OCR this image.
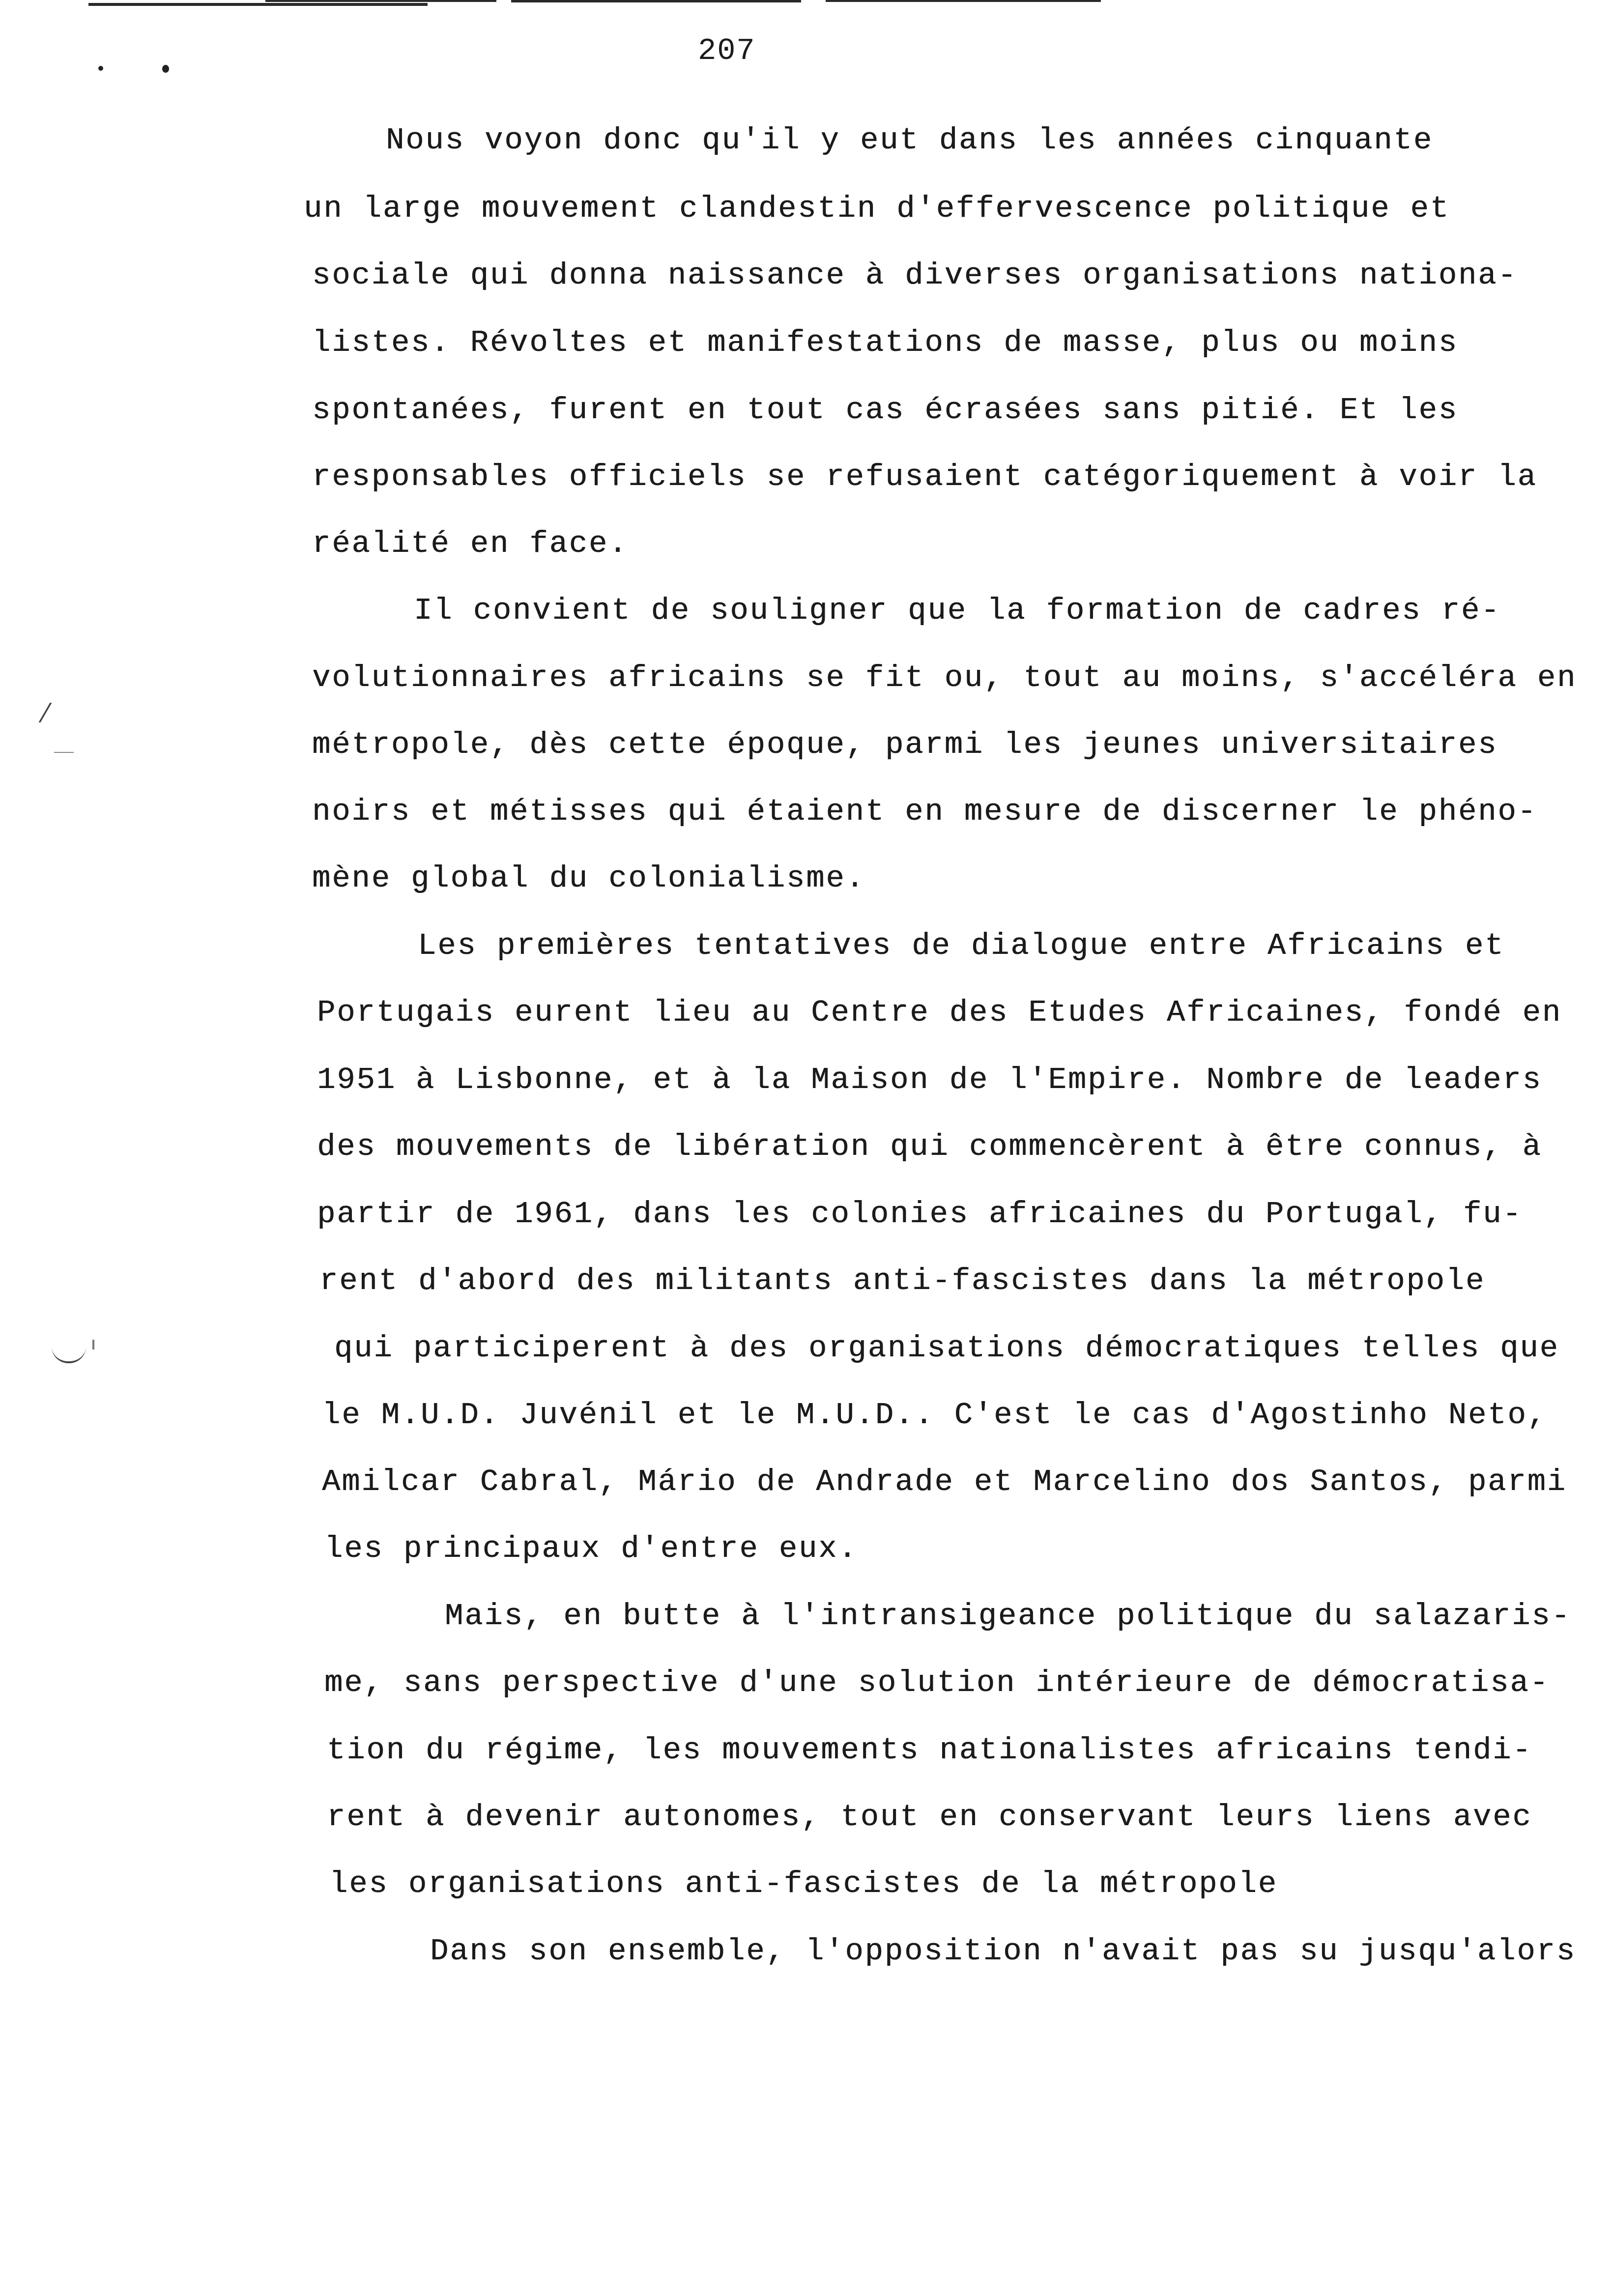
207
Nous voyon donc qu'il y eut dans les années cinquante
un large mouvement clandestin d'effervescence politique et
sociale qui donna naissance à diverses organisations nationa-
listes. Révoltes et manifestations de masse, plus ou moins
spontanées, furent en tout cas écrasées sans pitié. Et les
responsables officiels se refusaient catégoriquement à voir la
réalité en face.
Il convient de souligner que la formation de cadres ré-
volutionnaires africains se fit ou, tout au moins, s'accéléra en
métropole, dès cette époque, parmi les jeunes universitaires
noirs et métisses qui étaient en mesure de discerner le phéno-
mène global du colonialisme.
Les premières tentatives de dialogue entre Africains et
Portugais eurent lieu au Centre des Etudes Africaines, fondé en
1951 à Lisbonne, et à la Maison de l'Empire. Nombre de leaders
des mouvements de libération qui commencèrent à être connus, à
partir de 1961, dans les colonies africaines du Portugal, fu-
rent d'abord des militants anti-fascistes dans la métropole
qui participerent à des organisations démocratiques telles que
le M.U.D. Juvénil et le M.U.D.. C'est le cas d'Agostinho Neto,
Amilcar Cabral, Mário de Andrade et Marcelino dos Santos, parmi
les principaux d'entre eux.
Mais, en butte à l'intransigeance politique du salazaris-
me, sans perspective d'une solution intérieure de démocratisa-
tion du régime, les mouvements nationalistes africains tendi-
rent à devenir autonomes, tout en conservant leurs liens avec
les organisations anti-fascistes de la métropole
Dans son ensemble, l'opposition n'avait pas su jusqu'alors
